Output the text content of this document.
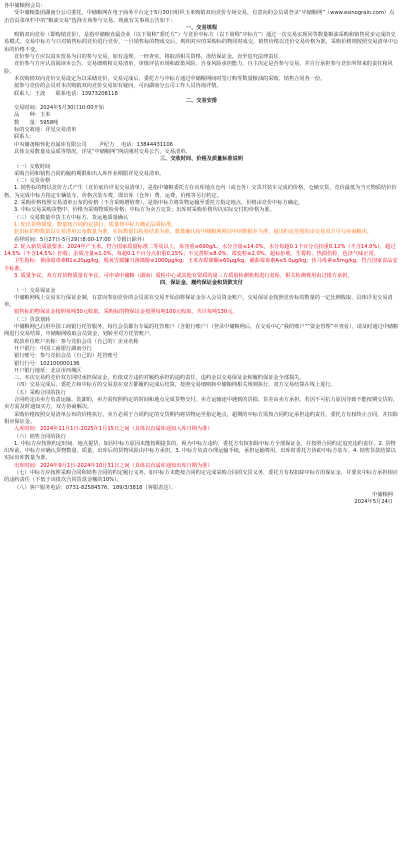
各中储粮网会员：

受中储粮集团湖南分公司委托，中储粮网在电子商务平台定于5月30日组织玉米购销双向竞价专场交易，有意向的会员请登录“中储粮网”（www.esinograin.com）点击首页菜单栏中的“粮油交易”选择专场参与交易。现就有关事项公告如下：

一、交易规程

购销双向竞价（即购销竞价），是指中储粮直属企业（以下简称“委托方”）与竞价中标方（以下简称“中标方”）通过一次交易实现同等数量粮油采购和销售同步完成的交易模式。交易中标方与只对销售标的竞价进行竞价，一旦销售标的物成交后，则相对应的采购标的物同时成交。销售价格以竞价交易价格为准，采购价格则按照交易清单中公布的价格不变。

竞价参与方应以真实贸易为目的参与交易，如有违规，一经查实，将取消相关资格，冻结保证金，直至追究法律责任。

竞价参与方应认真阅读本公告、交易细则和交易清单，审慎评估市场和政策风险、自身风险承担能力，自主决定是否参与交易，并自行承担参与竞价所带来的责任和风险。

本次购销双向竞价交易设定为以采储竞价，交易完成后，委托方与中标方通过中储粮网间时签订购等数量粮油的采购、销售合同各一份。

拟参与竞价的会员对本次购销双向竞价交易如有疑问，可向湖南分公司工作人员咨询详情。

联系人：王波　　联系电话：13973208118

二、交易安排

交易时间：2024年5月30日10:00开始

品　　种：玉米

数　　量：5958吨

标的交收地：详见交易清单

联系人：

中央储备粮怀化直属库有限公司　　 尹纪力　 电话：13844431106

具体交易数量及品质等情况，详见“中储粮网”网站刚对交易公告、交易清单。

三、交收时间、价格及质量标准说明

（一）交收时间

采购合同和销售合同的履约期限和出入库作业期限详见交易清单。

（二）交货价格

1. 销售标的物以竞价方式产生（竞价底价详见交易清单），是指中储粮委托方在出库地点仓内（或仓外）交货并装车完成的价格，仓储交货，竞价最低为当天物质结价价格，为完成中标方指定车辆装车，价格含装车费，即出库（仓外）费、运费，价格等另行约定。

2. 采购价格按照交易清单公布的价格（不含采购增值费），是指中标方将货物运输至委托方指定地点，价格由竞价中标方确定。

3. 中标交易采购货物中，价格为采购物质检价格；中标方为卖方交货；出库时采购价格均以实际交付的价格为准。

（三）交易数量中货主方中标方、货运地质量确认

1. 轮出货物质量。数量按合同约定执行，质量按中标方确定品质标准。

轮出标的物数量以交易清单公布数量为准，实际数量以检验结果为准。数量确认按中储粮网网站中的数据差为准，超出约定范围的由交易双方另行协商解决。

看样时间：5月27日-5月29日8:00-17:00（节假日除外）

2. 轮入新货质量要求：2024年产玉米，符合国家质量标准二等及以上，每容重≥690g/L；水分含量≤14.0%，水分每超0.1个百分点扣重0.12%（不含14.0%），超过14.5%（不含14.5%）拒收；杂质含量≤1.0%，每超0.1个百分点扣重0.15%；不完善粒≤8.0%，霉变粒≤2.0%，超标拒收。生霉粒、热损伤粒、色泽气味正常。

卫生指标：黄曲霉毒素B1≤20μg/kg，脱氧雪腐镰刀菌烯醇≤1000μg/kg；玉米赤霉烯酮≤60μg/kg，赭曲霉毒素A≤5.0μg/kg；伏马毒素≤5mg/kg。符合国家食品安全标准。

3. 质量争议。双方对货物质量有争议，可申请中储粮（湖南）质检中心或其他有资质的第三方质量检测机构进行复检，相关检测费用由过错方承担。

四、保证金、履约保证金和货款支付

（一）交易保证金

中储粮网线上交易实行保证金制，有意向参加竞价的会员需在交易开始前将保证金存入会员资金账户，交易保证金按照竞价标的数量的一定比例收取，具体详见交易清单。

销售标的物保证金按照每吨30元收取，采购标的物保证金按照每吨100元收取，共计每吨130元。

（二）货款划转

中储粮网已启用中国工商银行托管服务，每位会员都有专属的托管账户（含银行账户）（登录中储粮网后，在交易中心“我的账户”“资金管理”中查看），请及时通过中储粮网进行交易结算，中储粮网收取会员资金，划转至对方托管账户。

收款单位账户名称：参与竞拍会员（自己的）企业名称

开户银行：中国工商银行湖南分行

银行账号：参与竞拍会员（自己的）托管账号

银行行号：102100000136

开户银行地址：北京市西城区

三、本次交易约竞价双方同时承担保证金，但依双方违约对履约承担的违约责任，违约金以交易保证金和履约保证金全部损失。

（四）交易完成后，委托方和中标方的交易款在双方都履约完成后结算，按照交易细则和中储粮网相关规则执行，双方交易结算在线上进行。

（五）采购合同的执行

合同约定由卖方负责运输、装卸的，卖方需按照约定的时间和地点完成货物交付。卖方运输途中遇到的货损、货差由卖方承担。若因不可抗力原因导致不能按期交货的，卖方需及时通知买方，双方协商解决。

采购价格按照交易清单公布的价格执行。卖方必须于合同约定的交货期内将货物运至指定地点，超期的中标方需按合同约定承担违约责任，委托方有权终止合同，并扣除相应保证金。

入库时间：2024年11月1日-2025年1月15日之间（具体以直属库通知入库日期为准）

（六）销售合同的执行

1. 中标方应按照约定时间、地点提货，如因中标方原因未能按期提货的，视为中标方违约，委托方有权扣除中标方全部保证金，并按照合同约定追究违约责任。2. 货物出库前，中标方应确认货物数量、质量，出库后的货物风险由中标方承担。3. 中标方负责办理运输手续，承担运输费用，出库时委托方协助中标方装车。4. 销售货款结算以实际出库数量为准。

出库时间：2024年9月1日-2024年10月31日之间（具体以直属库通知出库日期为准）

（七）中标方应按照采购合同和销售合同的约定履行义务，如中标方未能按合同约定完成采购合同的交货义务，委托方有权扣除中标方的保证金，并要求中标方承担相应的违约责任（不低于该批次合同货款金额的10%）。

（八）客户服务电话：0731-82584576、189/3/3818（客服表达）。

中储粮网

2024年5月24日
